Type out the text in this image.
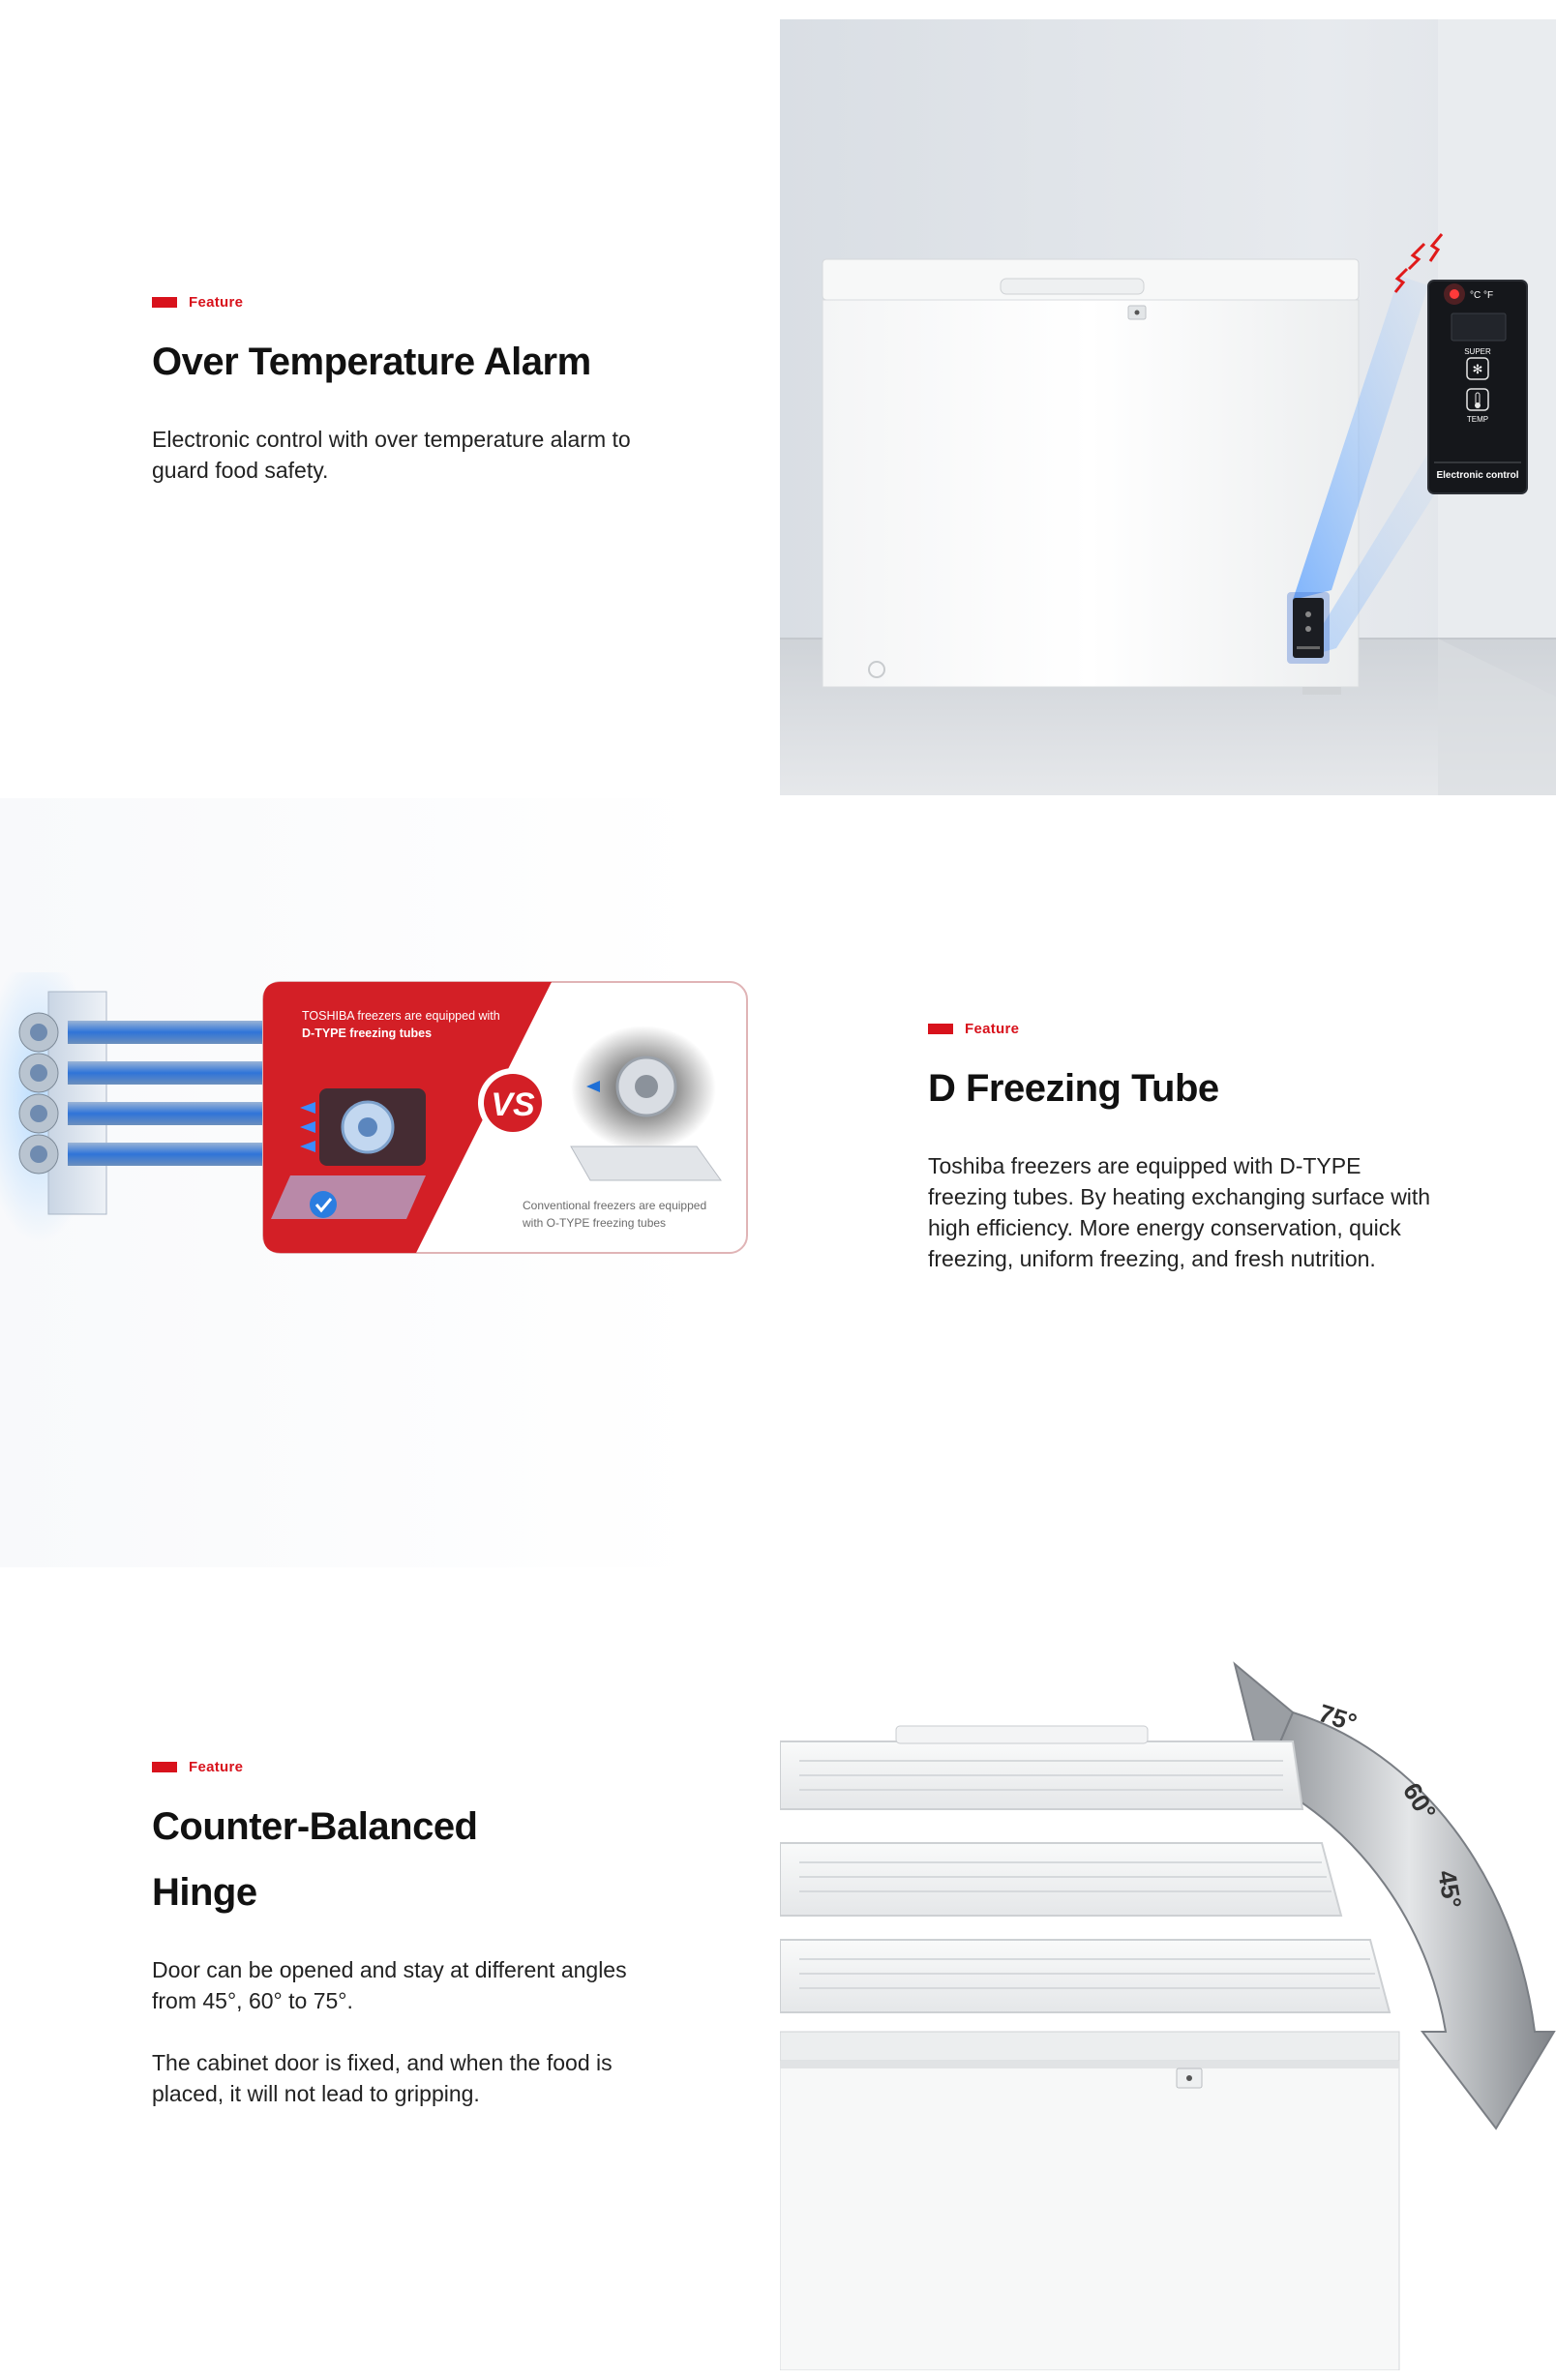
Feature
Over Temperature Alarm

Electronic control with over temperature alarm to guard food safety.

°C °F
SUPER
✻
TEMP
Electronic control
TOSHIBA freezers are equipped with
D-TYPE freezing tubes
VS
Conventional freezers are equipped
with O-TYPE freezing tubes
Feature
D Freezing Tube

Toshiba freezers are equipped with D-TYPE freezing tubes. By heating exchanging surface with high efficiency. More energy conservation, quick freezing, uniform freezing, and fresh nutrition.

Feature
Counter-Balanced Hinge

Door can be opened and stay at different angles from 45°, 60° to 75°.

The cabinet door is fixed, and when the food is placed, it will not lead to gripping.

75°
60°
45°
